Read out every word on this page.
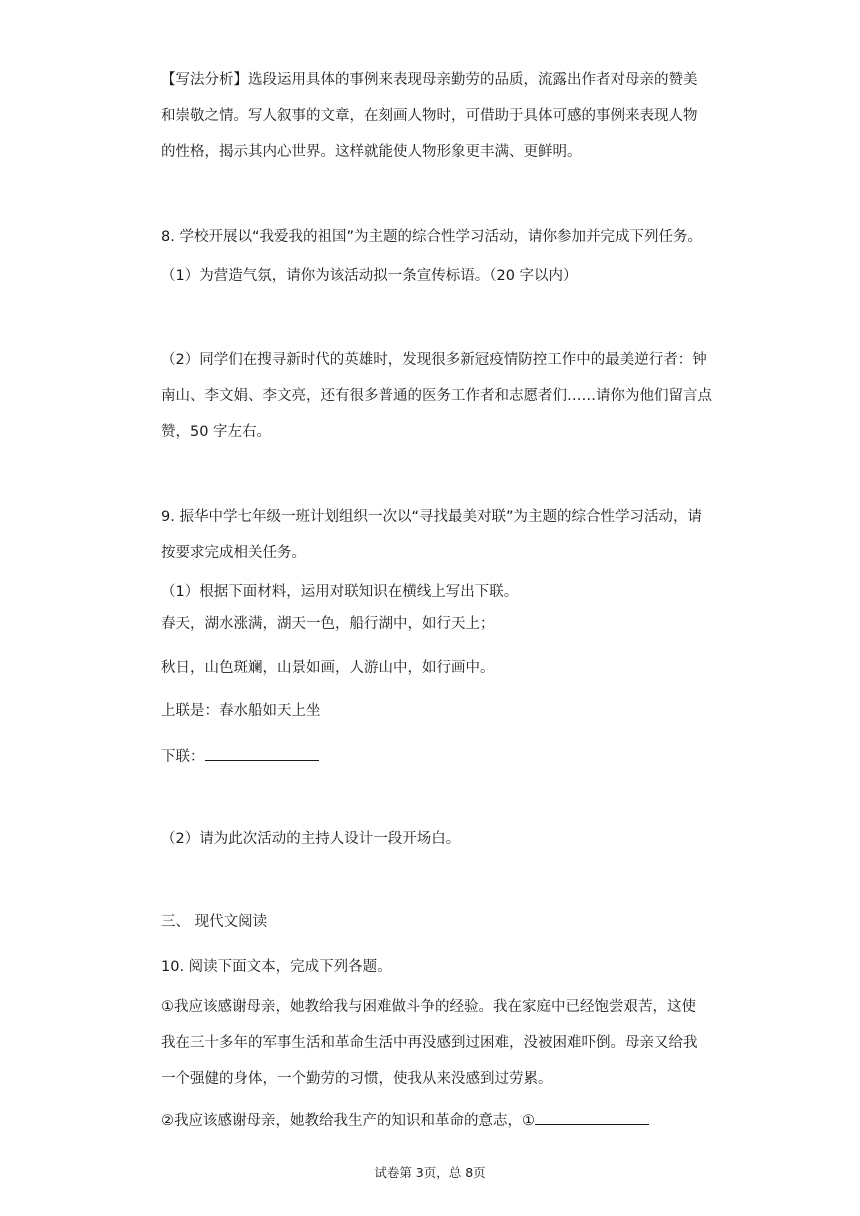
【写法分析】选段运用具体的事例来表现母亲勤劳的品质，流露出作者对母亲的赞美
和崇敬之情。写人叙事的文章，在刻画人物时，可借助于具体可感的事例来表现人物
的性格，揭示其内心世界。这样就能使人物形象更丰满、更鲜明。
8. 学校开展以“我爱我的祖国”为主题的综合性学习活动，请你参加并完成下列任务。
（1）为营造气氛，请你为该活动拟一条宣传标语。（20 字以内）
（2）同学们在搜寻新时代的英雄时，发现很多新冠疫情防控工作中的最美逆行者：钟
南山、李文娟、李文亮，还有很多普通的医务工作者和志愿者们……请你为他们留言点
赞，50 字左右。
9. 振华中学七年级一班计划组织一次以“寻找最美对联”为主题的综合性学习活动，请
按要求完成相关任务。
（1）根据下面材料，运用对联知识在横线上写出下联。
春天，湖水涨满，湖天一色，船行湖中，如行天上；
秋日，山色斑斓，山景如画，人游山中，如行画中。
上联是：春水船如天上坐
下联：
（2）请为此次活动的主持人设计一段开场白。
三、 现代文阅读
10. 阅读下面文本，完成下列各题。
①我应该感谢母亲，她教给我与困难做斗争的经验。我在家庭中已经饱尝艰苦，这使
我在三十多年的军事生活和革命生活中再没感到过困难，没被困难吓倒。母亲又给我
一个强健的身体，一个勤劳的习惯，使我从来没感到过劳累。
②我应该感谢母亲，她教给我生产的知识和革命的意志，①
试卷第 3页，总 8页
